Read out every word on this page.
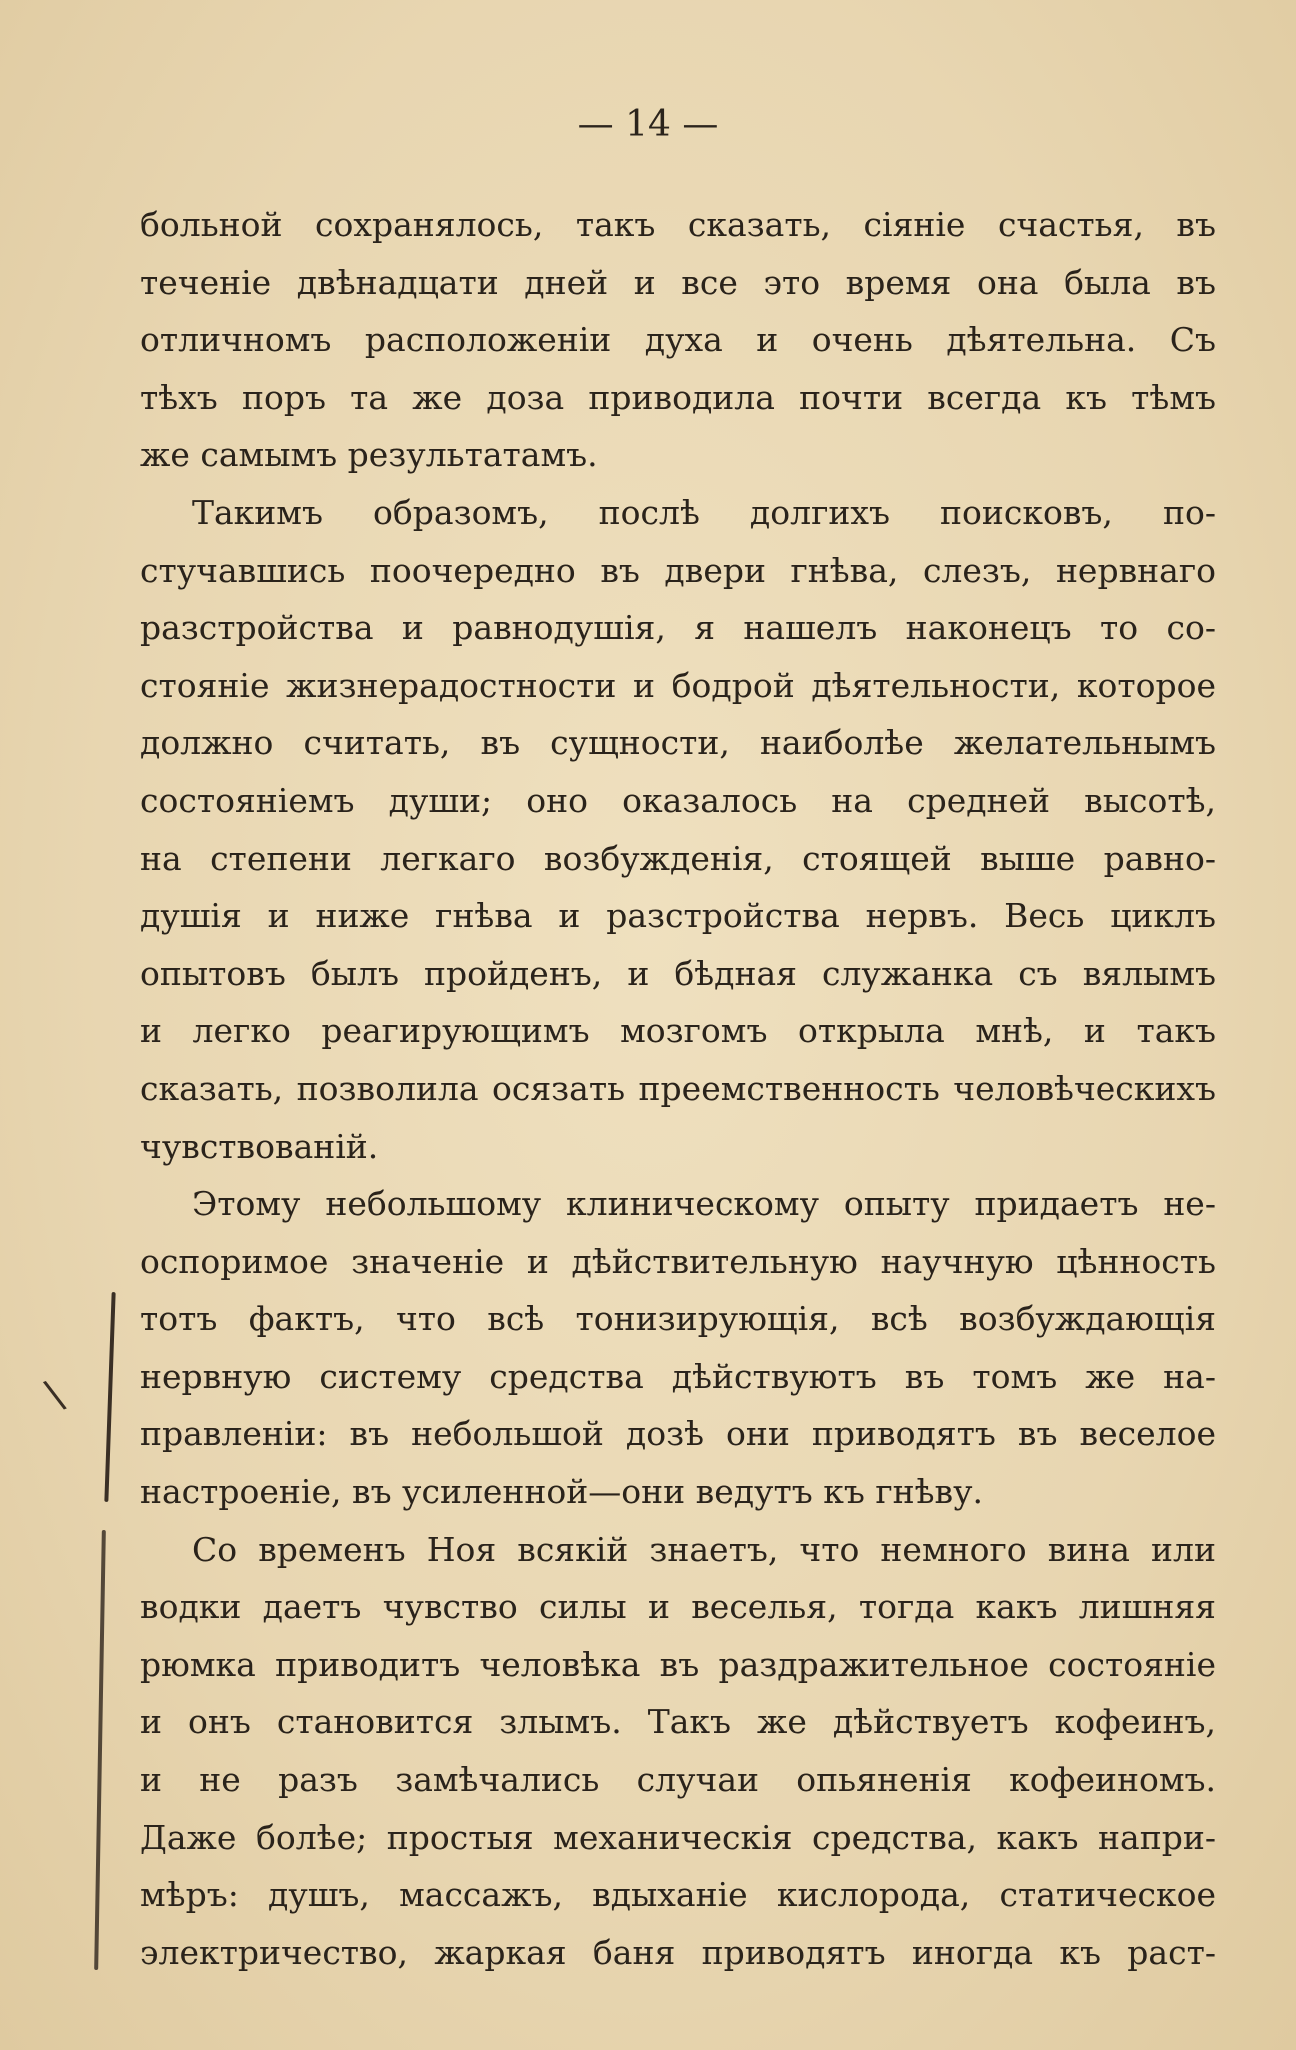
— 14 —
больной сохранялось, такъ сказать, сіяніе счастья, въ
теченіе двѣнадцати дней и все это время она была въ
отличномъ расположеніи духа и очень дѣятельна. Съ
тѣхъ поръ та же доза приводила почти всегда къ тѣмъ
же самымъ результатамъ.
Такимъ образомъ, послѣ долгихъ поисковъ, по-
стучавшись поочередно въ двери гнѣва, слезъ, нервнаго
разстройства и равнодушія, я нашелъ наконецъ то со-
стояніе жизнерадостности и бодрой дѣятельности, которое
должно считать, въ сущности, наиболѣе желательнымъ
состояніемъ души; оно оказалось на средней высотѣ,
на степени легкаго возбужденія, стоящей выше равно-
душія и ниже гнѣва и разстройства нервъ. Весь циклъ
опытовъ былъ пройденъ, и бѣдная служанка съ вялымъ
и легко реагирующимъ мозгомъ открыла мнѣ, и такъ
сказать, позволила осязать преемственность человѣческихъ
чувствованій.
Этому небольшому клиническому опыту придаетъ не-
оспоримое значеніе и дѣйствительную научную цѣнность
тотъ фактъ, что всѣ тонизирующія, всѣ возбуждающія
нервную систему средства дѣйствуютъ въ томъ же на-
правленіи: въ небольшой дозѣ они приводятъ въ веселое
настроеніе, въ усиленной—они ведутъ къ гнѣву.
Со временъ Ноя всякій знаетъ, что немного вина или
водки даетъ чувство силы и веселья, тогда какъ лишняя
рюмка приводитъ человѣка въ раздражительное состояніе
и онъ становится злымъ. Такъ же дѣйствуетъ кофеинъ,
и не разъ замѣчались случаи опьяненія кофеиномъ.
Даже болѣе; простыя механическія средства, какъ напри-
мѣръ: душъ, массажъ, вдыханіе кислорода, статическое
электричество, жаркая баня приводятъ иногда къ раст-
\
